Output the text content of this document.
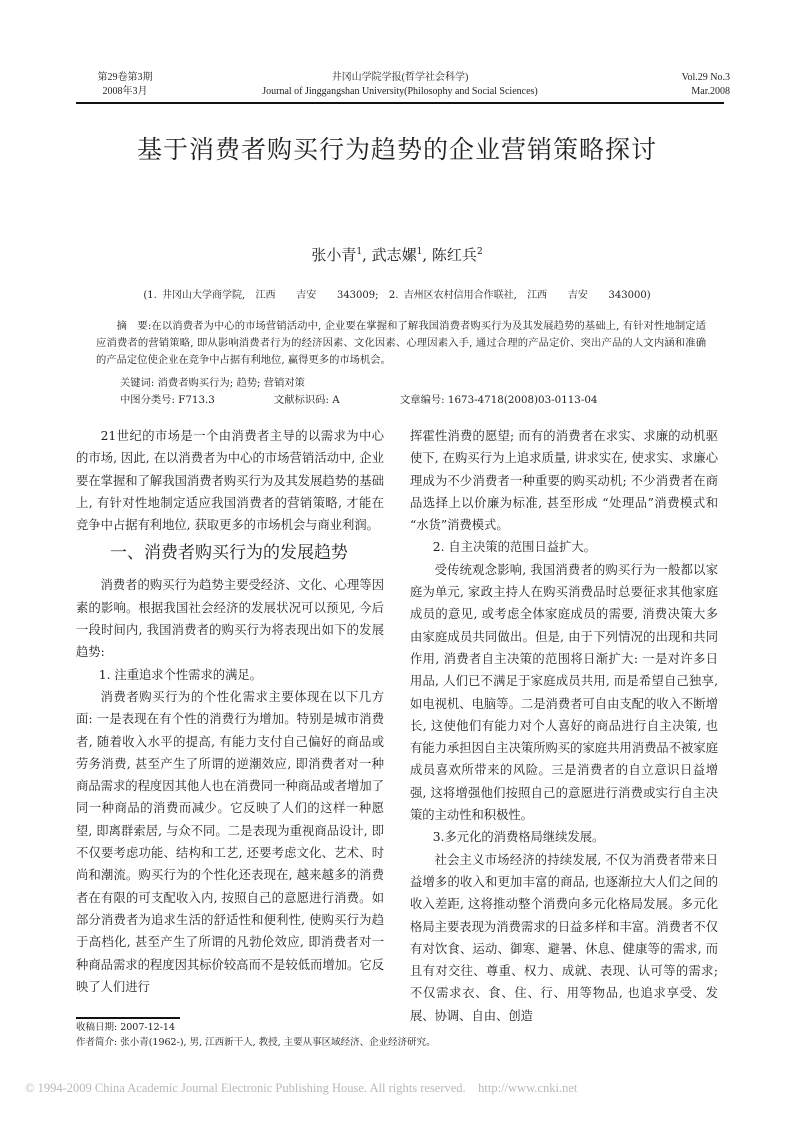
第29卷第3期
2008年3月
井冈山学院学报(哲学社会科学)
Journal of Jinggangshan University(Philosophy and Social Sciences)
Vol.29 No.3
Mar.2008
基于消费者购买行为趋势的企业营销策略探讨
张小青$^1$, 武志嫘$^1$, 陈红兵$^2$
(1. 井冈山大学商学院,  江西    吉安    343009;  2. 吉州区农村信用合作联社,  江西    吉安    343000)
摘　要:在以消费者为中心的市场营销活动中, 企业要在掌握和了解我国消费者购买行为及其发展趋势的基础上, 有针对性地制定适应消费者的营销策略, 即从影响消费者行为的经济因素、文化因素、心理因素入手, 通过合理的产品定价、突出产品的人文内涵和准确的产品定位使企业在竞争中占据有利地位, 赢得更多的市场机会。
关键词: 消费者购买行为; 趋势; 营销对策
中图分类号: F713.3	文献标识码: A	文章编号: 1673-4718(2008)03-0113-04

21世纪的市场是一个由消费者主导的以需求为中心的市场, 因此, 在以消费者为中心的市场营销活动中, 企业要在掌握和了解我国消费者购买行为及其发展趋势的基础上, 有针对性地制定适应我国消费者的营销策略, 才能在竞争中占据有利地位, 获取更多的市场机会与商业利润。

一、消费者购买行为的发展趋势

消费者的购买行为趋势主要受经济、文化、心理等因素的影响。根据我国社会经济的发展状况可以预见, 今后一段时间内, 我国消费者的购买行为将表现出如下的发展趋势:

1. 注重追求个性需求的满足。

消费者购买行为的个性化需求主要体现在以下几方面: 一是表现在有个性的消费行为增加。特别是城市消费者, 随着收入水平的提高, 有能力支付自己偏好的商品或劳务消费, 甚至产生了所谓的逆潮效应, 即消费者对一种商品需求的程度因其他人也在消费同一种商品或者增加了同一种商品的消费而减少。它反映了人们的这样一种愿望, 即离群索居, 与众不同。二是表现为重视商品设计, 即不仅要考虑功能、结构和工艺, 还要考虑文化、艺术、时尚和潮流。购买行为的个性化还表现在, 越来越多的消费者在有限的可支配收入内, 按照自己的意愿进行消费。如部分消费者为追求生活的舒适性和便利性, 使购买行为趋于高档化, 甚至产生了所谓的凡勃伦效应, 即消费者对一种商品需求的程度因其标价较高而不是较低而增加。它反映了人们进行

挥霍性消费的愿望; 而有的消费者在求实、求廉的动机驱使下, 在购买行为上追求质量, 讲求实在, 使求实、求廉心理成为不少消费者一种重要的购买动机; 不少消费者在商品选择上以价廉为标准, 甚至形成 “处理品”消费模式和 “水货”消费模式。

2. 自主决策的范围日益扩大。

受传统观念影响, 我国消费者的购买行为一般都以家庭为单元, 家政主持人在购买消费品时总要征求其他家庭成员的意见, 或考虑全体家庭成员的需要, 消费决策大多由家庭成员共同做出。但是, 由于下列情况的出现和共同作用, 消费者自主决策的范围将日渐扩大: 一是对许多日用品, 人们已不满足于家庭成员共用, 而是希望自己独享, 如电视机、电脑等。二是消费者可自由支配的收入不断增长, 这使他们有能力对个人喜好的商品进行自主决策, 也有能力承担因自主决策所购买的家庭共用消费品不被家庭成员喜欢所带来的风险。三是消费者的自立意识日益增强, 这将增强他们按照自己的意愿进行消费或实行自主决策的主动性和积极性。

3.多元化的消费格局继续发展。

社会主义市场经济的持续发展, 不仅为消费者带来日益增多的收入和更加丰富的商品, 也逐渐拉大人们之间的收入差距, 这将推动整个消费向多元化格局发展。多元化格局主要表现为消费需求的日益多样和丰富。消费者不仅有对饮食、运动、御寒、避暑、休息、健康等的需求, 而且有对交往、尊重、权力、成就、表现、认可等的需求; 不仅需求衣、食、住、行、用等物品, 也追求享受、发展、协调、自由、创造

收稿日期: 2007-12-14
作者简介: 张小青(1962-), 男, 江西新干人, 教授, 主要从事区域经济、企业经济研究。
© 1994-2009 China Academic Journal Electronic Publishing House. All rights reserved.    http://www.cnki.net
